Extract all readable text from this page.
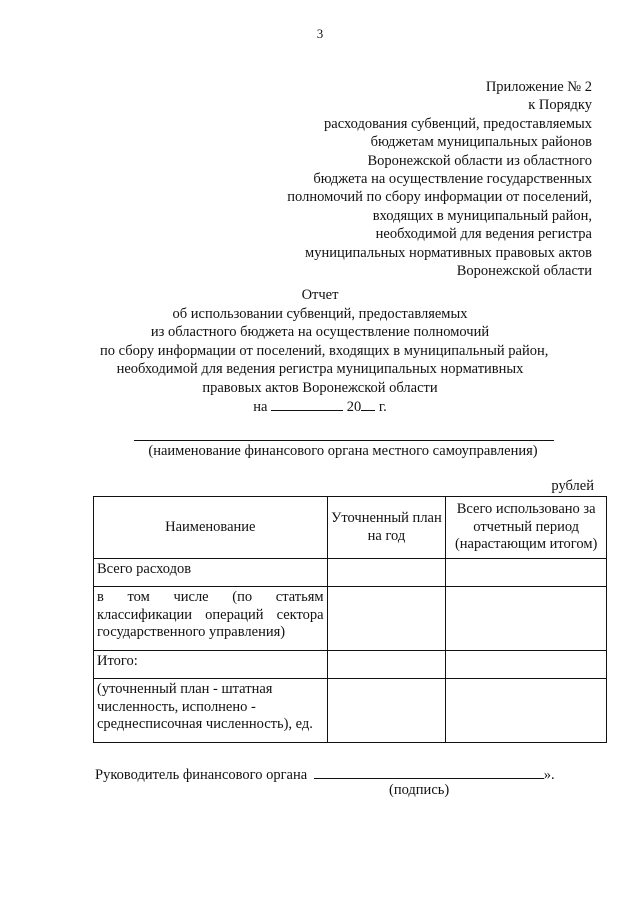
3
Приложение № 2
к Порядку
расходования субвенций, предоставляемых
бюджетам муниципальных районов
Воронежской области из областного
бюджета на осуществление государственных
полномочий по сбору информации от поселений,
входящих в муниципальный район,
необходимой для ведения регистра
муниципальных нормативных правовых актов
Воронежской области
Отчет
об использовании субвенций, предоставляемых
из областного бюджета на осуществление полномочий
по сбору информации от поселений, входящих в муниципальный район,
необходимой для ведения регистра муниципальных нормативных
правовых актов Воронежской области
на	20 г.
(наименование финансового органа местного самоуправления)
рублей
Наименование	Уточненный план на год	Всего использовано за отчетный период (нарастающим итогом)
Всего расходов		
в том числе (по статьям классификации операций сектора государственного управления)		
Итого:		
(уточненный план - штатная численность, исполнено - среднесписочная численность), ед.		
Руководитель финансового органа	».
(подпись)
